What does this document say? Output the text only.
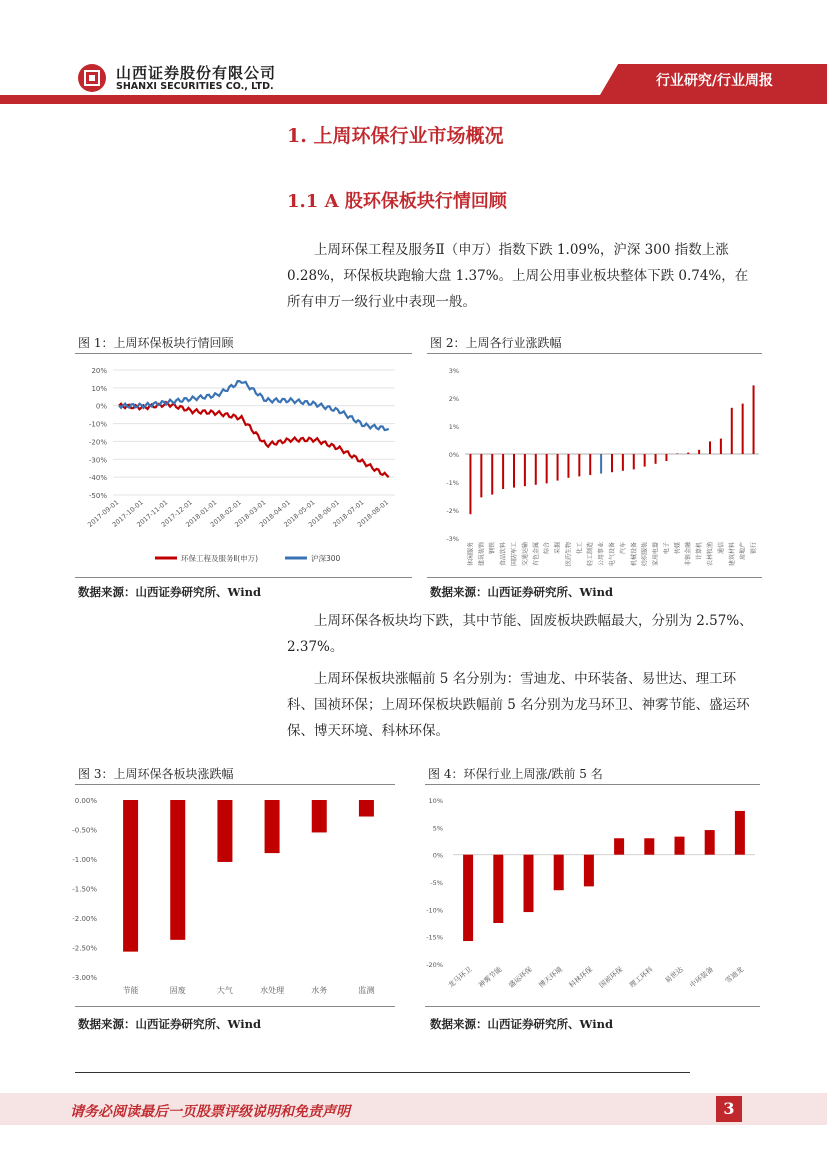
山西证券股份有限公司
SHANXI SECURITIES CO., LTD.	行业研究/行业周报
1. 上周环保行业市场概况
1.1 A 股环保板块行情回顾

上周环保工程及服务Ⅱ（申万）指数下跌 1.09%，沪深 300 指数上涨 0.28%，环保板块跑输大盘 1.37%。上周公用事业板块整体下跌 0.74%，在所有申万一级行业中表现一般。

图 1：上周环保板块行情回顾	图 2：上周各行业涨跌幅
20%
10%
0%
-10%
-20%
-30%
-40%
-50%
2017-09-01
2017-10-01
2017-11-01
2017-12-01
2018-01-01
2018-02-01
2018-03-01
2018-04-01
2018-05-01
2018-06-01
2018-07-01
2018-08-01
环保工程及服务Ⅱ(申万)	沪深300
3%
2%
1%
0%
-1%
-2%
-3%
休闲服务 建筑装饰 钢铁 食品饮料 国防军工 交通运输 有色金属 综合 采掘 医药生物 化工 轻工制造 公用事业 电气设备 汽车 机械设备 纺织服装 家用电器 电子 传媒 非银金融 计算机 农林牧渔 通信 建筑材料 房地产 银行
数据来源：山西证券研究所、Wind	数据来源：山西证券研究所、Wind

上周环保各板块均下跌，其中节能、固废板块跌幅最大，分别为 2.57%、2.37%。

上周环保板块涨幅前 5 名分别为：雪迪龙、中环装备、易世达、理工环科、国祯环保；上周环保板块跌幅前 5 名分别为龙马环卫、神雾节能、盛运环保、博天环境、科林环保。

图 3：上周环保各板块涨跌幅	图 4：环保行业上周涨/跌前 5 名
0.00%
-0.50%
-1.00%
-1.50%
-2.00%
-2.50%
-3.00%
节能	固废	大气	水处理	水务	监测
10%
5%
0%
-5%
-10%
-15%
-20%
龙马环卫 神雾节能 盛运环保 博天环境 科林环保 国祯环保 理工环科 易世达 中环装备 雪迪龙
数据来源：山西证券研究所、Wind	数据来源：山西证券研究所、Wind
请务必阅读最后一页股票评级说明和免责声明	3
